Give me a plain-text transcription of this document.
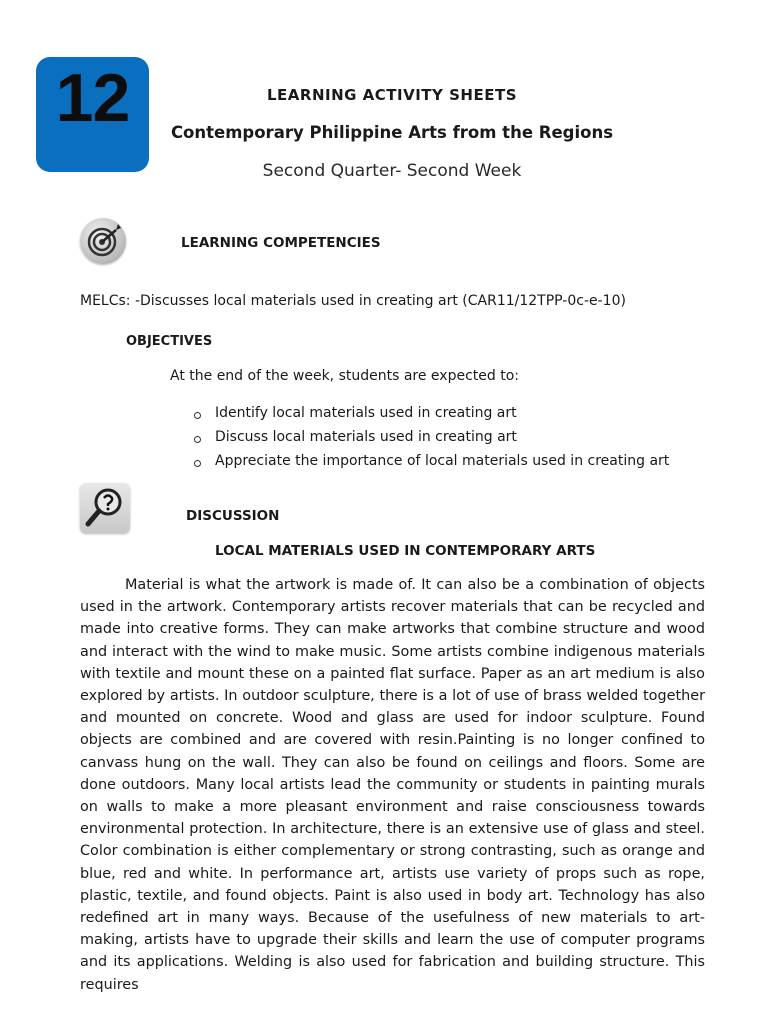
12	LEARNING ACTIVITY SHEETS
Contemporary Philippine Arts from the Regions
Second Quarter- Second Week
LEARNING COMPETENCIES
MELCs: -Discusses local materials used in creating art (CAR11/12TPP-0c-e-10)
OBJECTIVES
At the end of the week, students are expected to:
Identify local materials used in creating art
Discuss local materials used in creating art
Appreciate the importance of local materials used in creating art
DISCUSSION
LOCAL MATERIALS USED IN CONTEMPORARY ARTS

Material is what the artwork is made of. It can also be a combination of objects used in the artwork. Contemporary artists recover materials that can be recycled and made into creative forms. They can make artworks that combine structure and wood and interact with the wind to make music. Some artists combine indigenous materials with textile and mount these on a painted flat surface. Paper as an art medium is also explored by artists. In outdoor sculpture, there is a lot of use of brass welded together and mounted on concrete. Wood and glass are used for indoor sculpture. Found objects are combined and are covered with resin.Painting is no longer confined to canvass hung on the wall. They can also be found on ceilings and floors. Some are done outdoors. Many local artists lead the community or students in painting murals on walls to make a more pleasant environment and raise consciousness towards environmental protection. In architecture, there is an extensive use of glass and steel. Color combination is either complementary or strong contrasting, such as orange and blue, red and white. In performance art, artists use variety of props such as rope, plastic, textile, and found objects. Paint is also used in body art. Technology has also redefined art in many ways. Because of the usefulness of new materials to art-making, artists have to upgrade their skills and learn the use of computer programs and its applications. Welding is also used for fabrication and building structure. This requires
